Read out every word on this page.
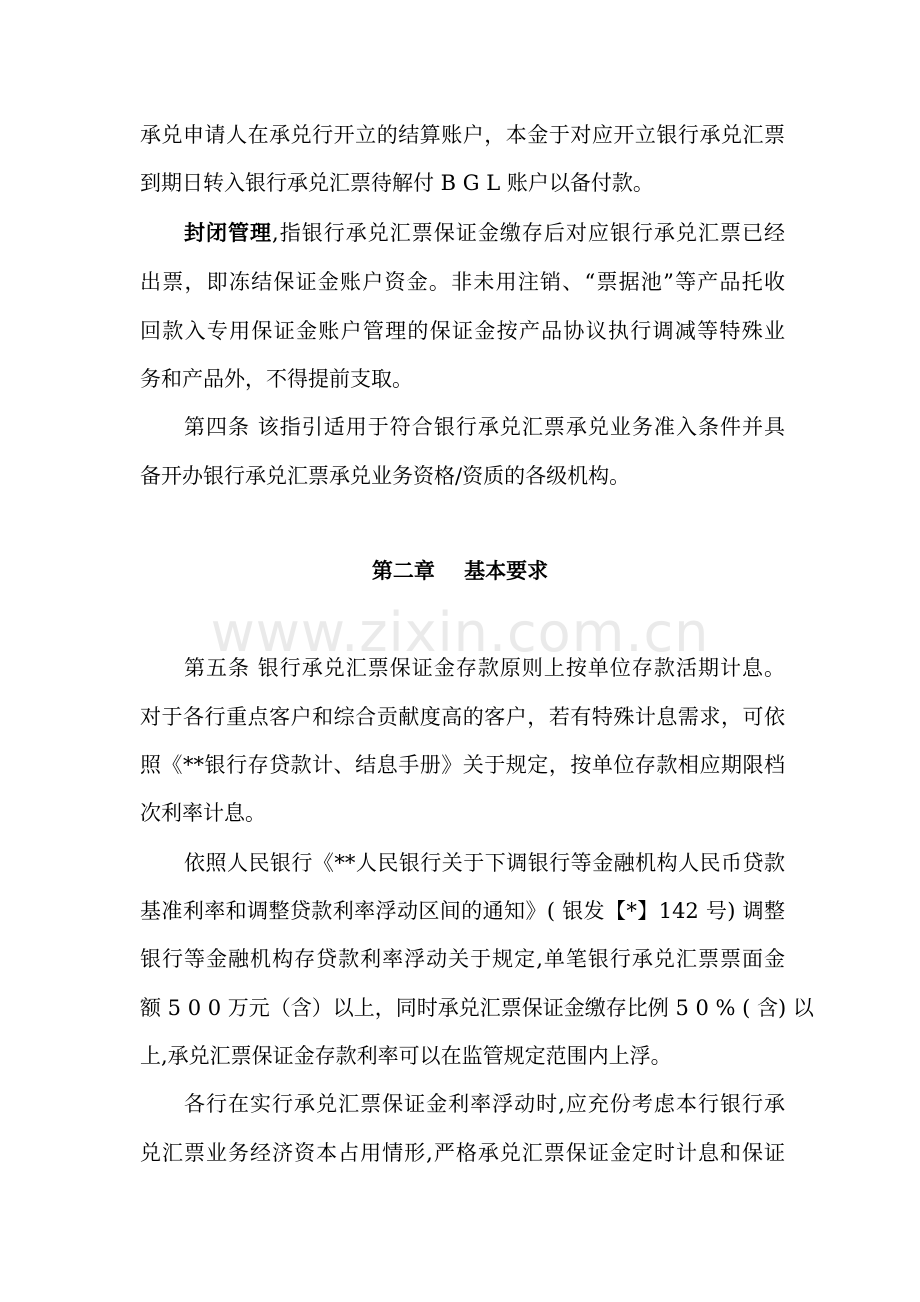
承兑申请人在承兑行开立的结算账户，本金于对应开立银行承兑汇票
到期日转入银行承兑汇票待解付 B G L 账户以备付款。
封闭管理,指银行承兑汇票保证金缴存后对应银行承兑汇票已经
出票，即冻结保证金账户资金。非未用注销、“票据池”等产品托收
回款入专用保证金账户管理的保证金按产品协议执行调减等特殊业
务和产品外，不得提前支取。
第四条 该指引适用于符合银行承兑汇票承兑业务准入条件并具
备开办银行承兑汇票承兑业务资格/资质的各级机构。
第二章    基本要求
www.zixin.com.cn
第五条 银行承兑汇票保证金存款原则上按单位存款活期计息。
对于各行重点客户和综合贡献度高的客户，若有特殊计息需求，可依
照《**银行存贷款计、结息手册》关于规定，按单位存款相应期限档
次利率计息。
依照人民银行《**人民银行关于下调银行等金融机构人民币贷款
基准利率和调整贷款利率浮动区间的通知》( 银发【*】142 号) 调整
银行等金融机构存贷款利率浮动关于规定,单笔银行承兑汇票票面金
额 5 0 0 万元（含）以上，同时承兑汇票保证金缴存比例 5 0 % ( 含) 以
上,承兑汇票保证金存款利率可以在监管规定范围内上浮。
各行在实行承兑汇票保证金利率浮动时,应充份考虑本行银行承
兑汇票业务经济资本占用情形,严格承兑汇票保证金定时计息和保证
